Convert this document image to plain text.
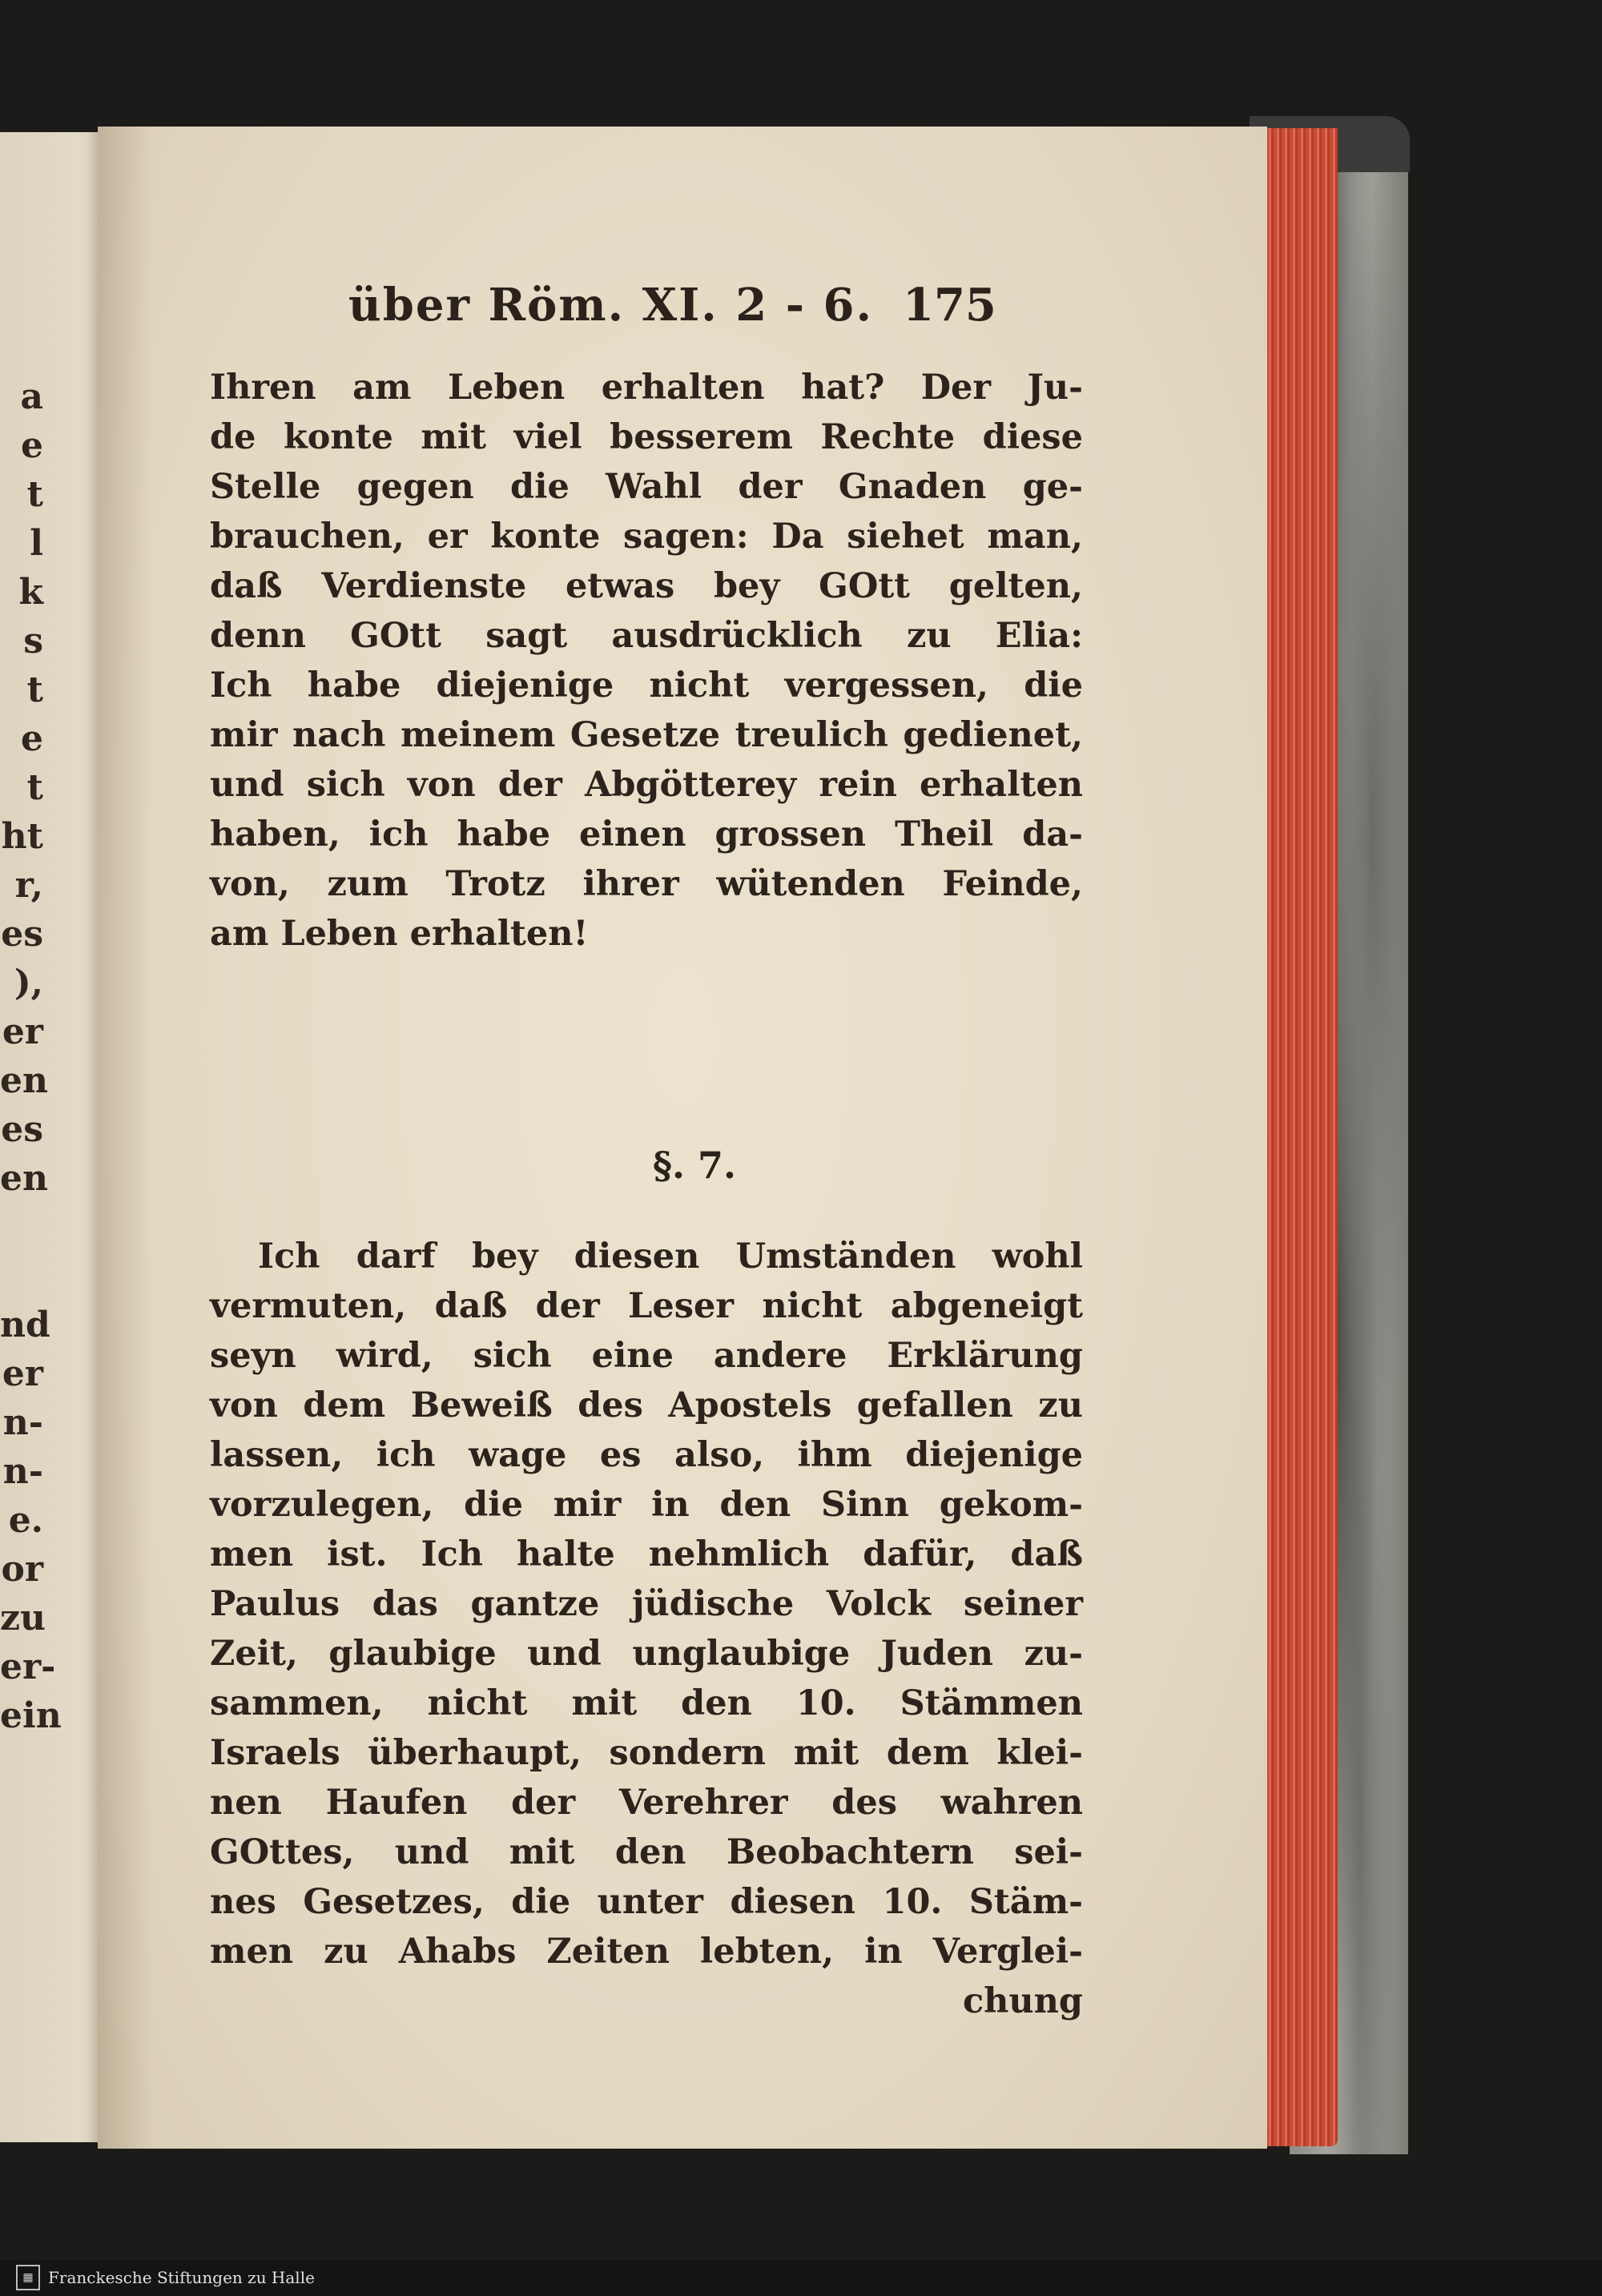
a
e
t
l
k
s
t
e
t
ht
r,
es
),
er
en
es
en

nd
er
n-
n-
e.
or
zu
er-
ein
über Röm. XI. 2 - 6. 175
Ihren am Leben erhalten hat? Der Ju-
de konte mit viel besserem Rechte diese
Stelle gegen die Wahl der Gnaden ge-
brauchen, er konte sagen: Da siehet man,
daß Verdienste etwas bey GOtt gelten,
denn GOtt sagt ausdrücklich zu Elia:
Ich habe diejenige nicht vergessen, die
mir nach meinem Gesetze treulich gedienet,
und sich von der Abgötterey rein erhalten
haben, ich habe einen grossen Theil da-
von, zum Trotz ihrer wütenden Feinde,
am Leben erhalten!
§. 7.
Ich darf bey diesen Umständen wohl
vermuten, daß der Leser nicht abgeneigt
seyn wird, sich eine andere Erklärung
von dem Beweiß des Apostels gefallen zu
lassen, ich wage es also, ihm diejenige
vorzulegen, die mir in den Sinn gekom-
men ist. Ich halte nehmlich dafür, daß
Paulus das gantze jüdische Volck seiner
Zeit, glaubige und unglaubige Juden zu-
sammen, nicht mit den 10. Stämmen
Israels überhaupt, sondern mit dem klei-
nen Haufen der Verehrer des wahren
GOttes, und mit den Beobachtern sei-
nes Gesetzes, die unter diesen 10. Stäm-
men zu Ahabs Zeiten lebten, in Verglei-
chung
▦ Franckesche Stiftungen zu Halle
